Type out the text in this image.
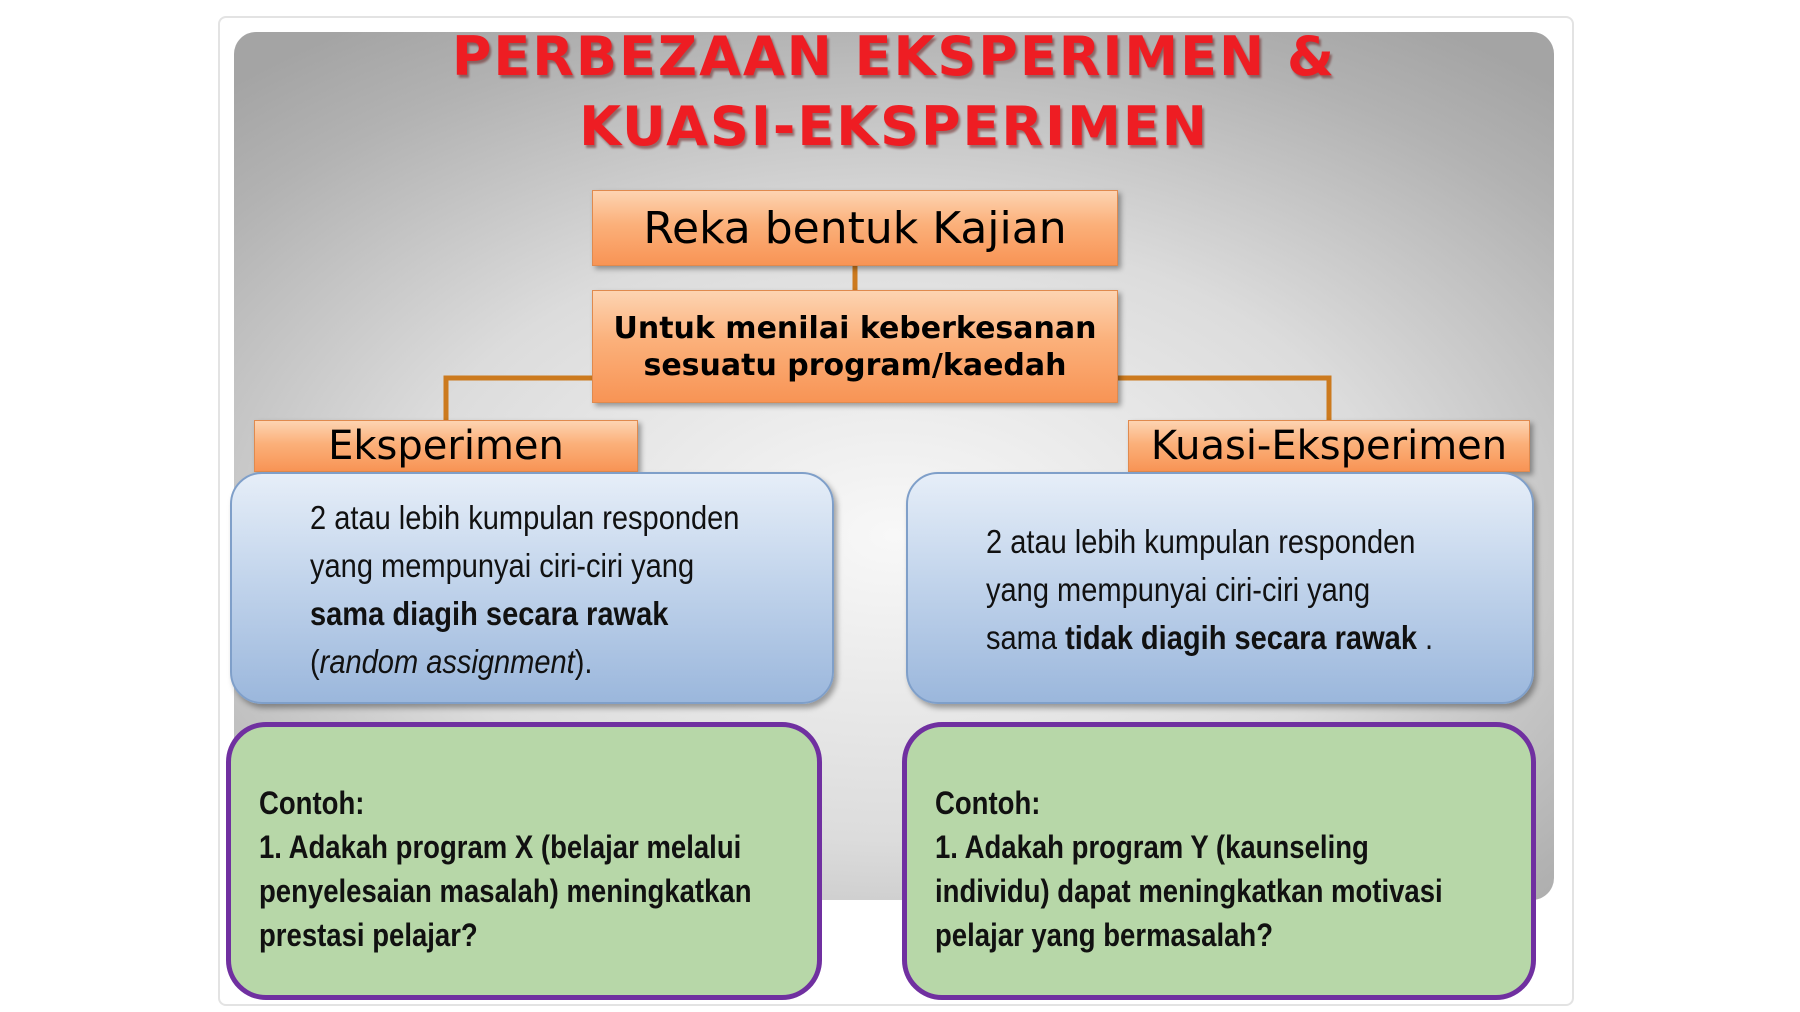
PERBEZAAN EKSPERIMEN &
KUASI-EKSPERIMEN
Reka bentuk Kajian
Untuk menilai keberkesanan
sesuatu program/kaedah
Eksperimen	Kuasi-Eksperimen
2 atau lebih kumpulan responden
yang mempunyai ciri-ciri yang
sama diagih secara rawak
(random assignment).
2 atau lebih kumpulan responden
yang mempunyai ciri-ciri yang
sama tidak diagih secara rawak .
Contoh:
1. Adakah program X (belajar melalui
penyelesaian masalah) meningkatkan
prestasi pelajar?
Contoh:
1. Adakah program Y (kaunseling
individu) dapat meningkatkan motivasi
pelajar yang bermasalah?
